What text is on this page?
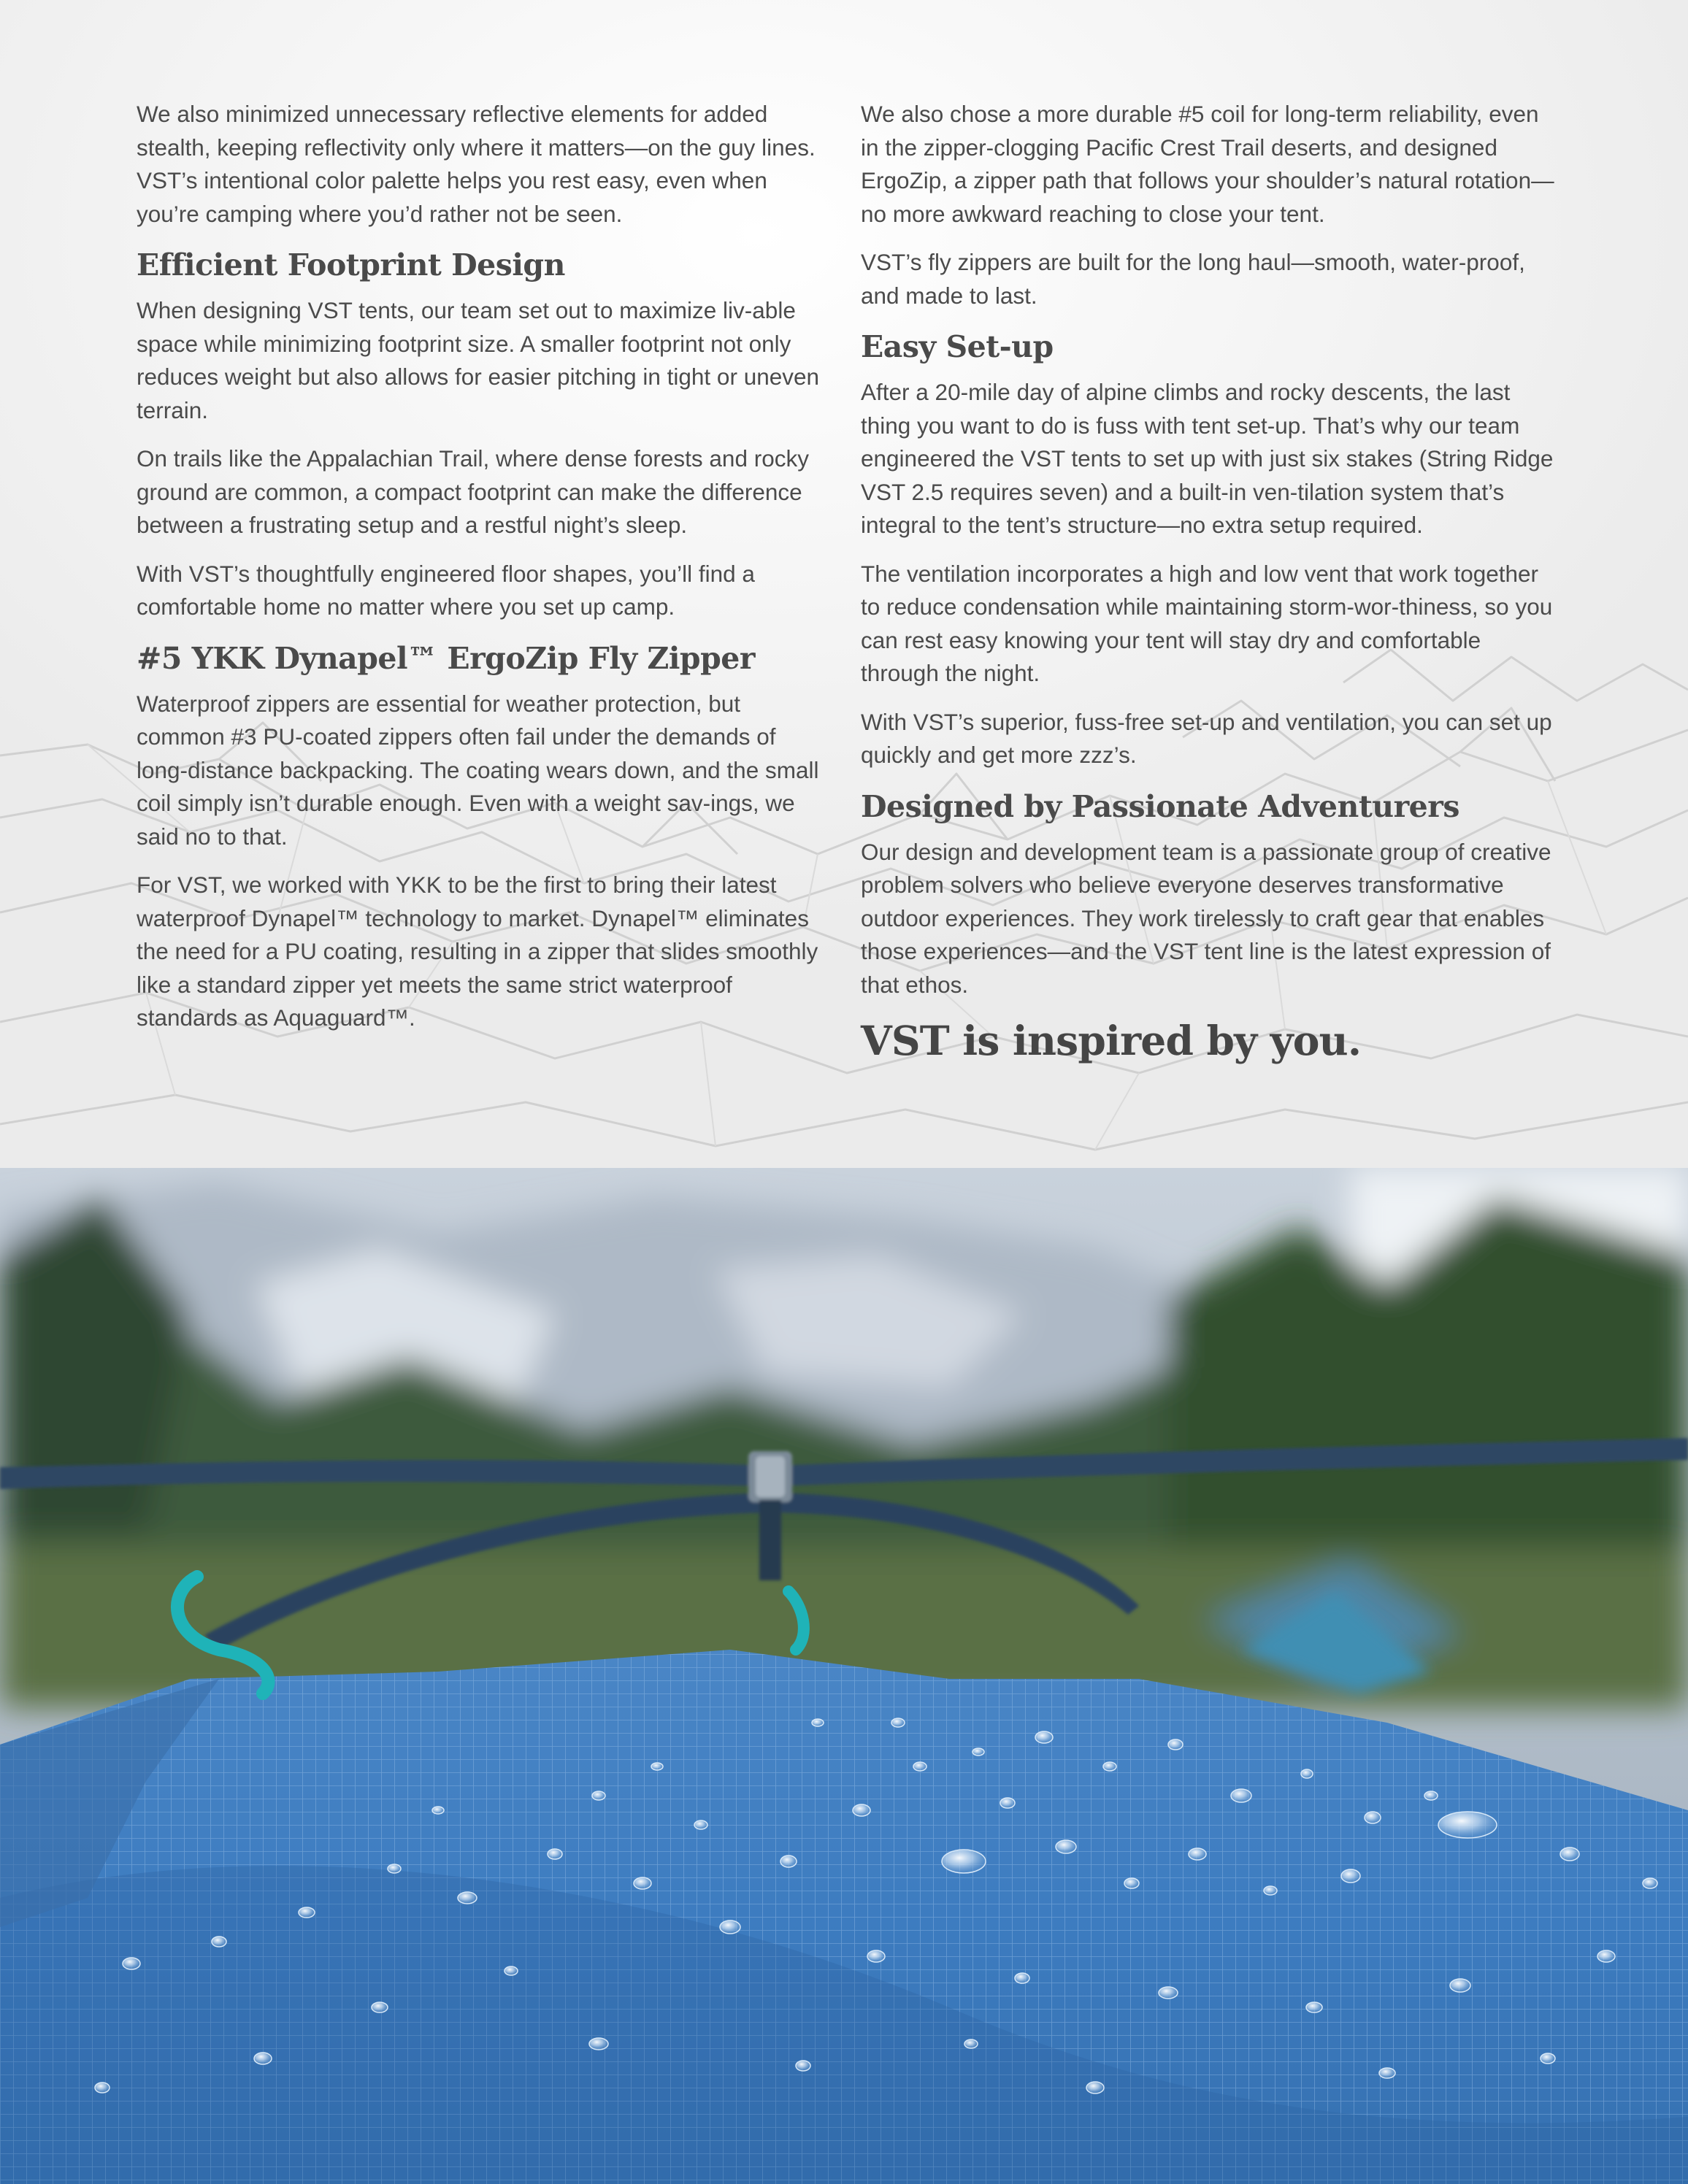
We also minimized unnecessary reflective elements for added stealth, keeping reflectivity only where it matters—on the guy lines. VST’s intentional color palette helps you rest easy, even when you’re camping where you’d rather not be seen.

Efficient Footprint Design

When designing VST tents, our team set out to maximize liv-able space while minimizing footprint size. A smaller footprint not only reduces weight but also allows for easier pitching in tight or uneven terrain.

On trails like the Appalachian Trail, where dense forests and rocky ground are common, a compact footprint can make the difference between a frustrating setup and a restful night’s sleep.

With VST’s thoughtfully engineered floor shapes, you’ll find a comfortable home no matter where you set up camp.

#5 YKK Dynapel™ ErgoZip Fly Zipper

Waterproof zippers are essential for weather protection, but common #3 PU-coated zippers often fail under the demands of long-distance backpacking. The coating wears down, and the small coil simply isn’t durable enough. Even with a weight sav-ings, we said no to that.

For VST, we worked with YKK to be the first to bring their latest waterproof Dynapel™ technology to market. Dynapel™ eliminates the need for a PU coating, resulting in a zipper that slides smoothly like a standard zipper yet meets the same strict waterproof standards as Aquaguard™.

We also chose a more durable #5 coil for long-term reliability, even in the zipper-clogging Pacific Crest Trail deserts, and designed ErgoZip, a zipper path that follows your shoulder’s natural rotation—no more awkward reaching to close your tent.

VST’s fly zippers are built for the long haul—smooth, water-proof, and made to last.

Easy Set-up

After a 20-mile day of alpine climbs and rocky descents, the last thing you want to do is fuss with tent set-up. That’s why our team engineered the VST tents to set up with just six stakes (String Ridge VST 2.5 requires seven) and a built-in ven-tilation system that’s integral to the tent’s structure—no extra setup required.

The ventilation incorporates a high and low vent that work together to reduce condensation while maintaining storm-wor-thiness, so you can rest easy knowing your tent will stay dry and comfortable through the night.

With VST’s superior, fuss-free set-up and ventilation, you can set up quickly and get more zzz’s.

Designed by Passionate Adventurers

Our design and development team is a passionate group of creative problem solvers who believe everyone deserves transformative outdoor experiences. They work tirelessly to craft gear that enables those experiences—and the VST tent line is the latest expression of that ethos.

VST is inspired by you.
